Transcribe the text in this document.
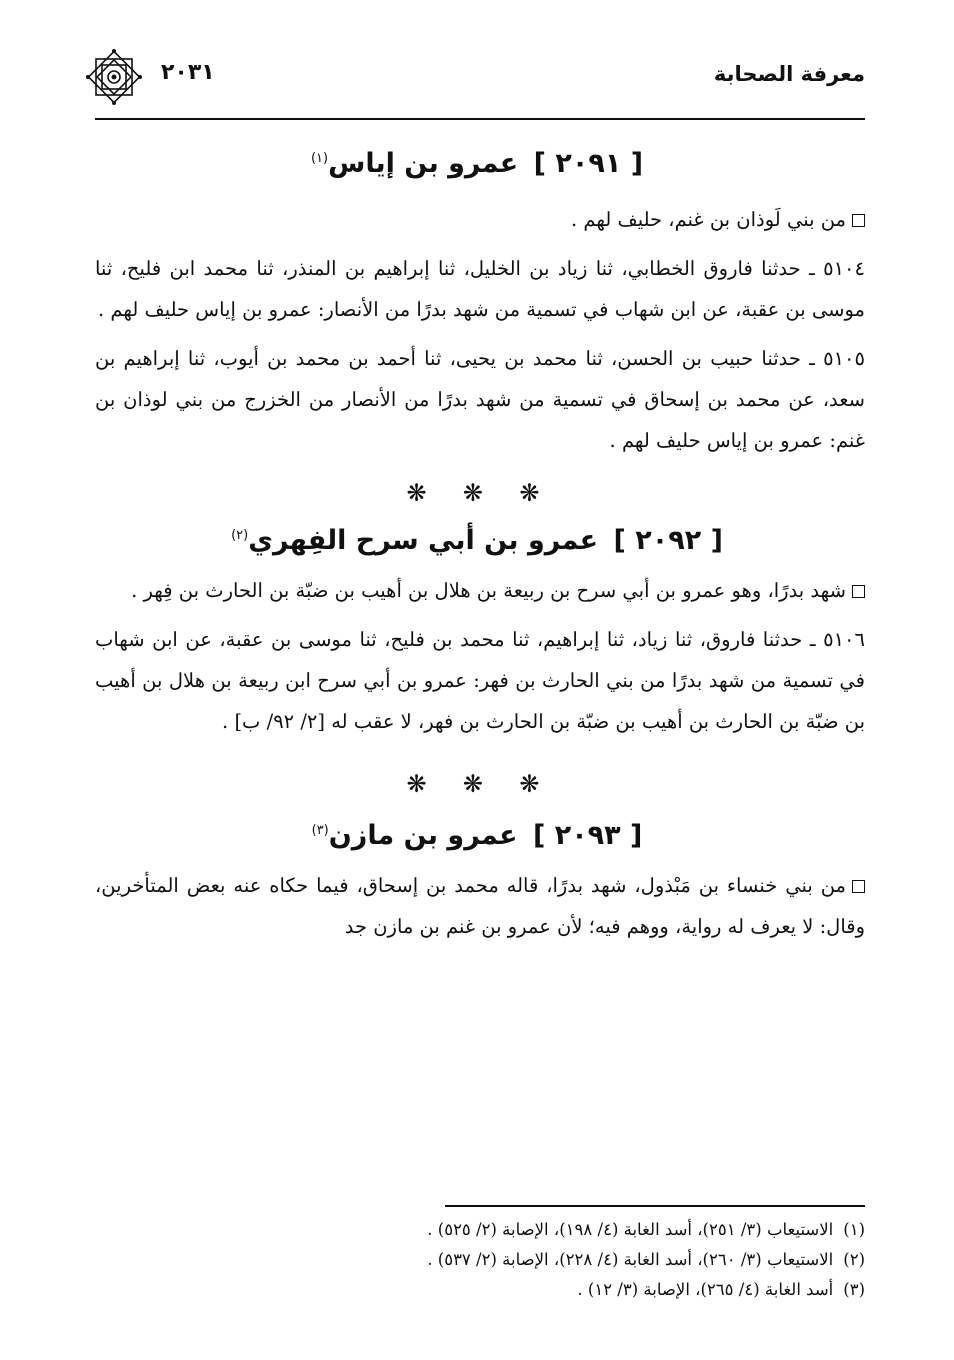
معرفة الصحابة
٢٠٣١
[ ٢٠٩١ ] عمرو بن إياس$^{(١)}$

من بني لَوذان بن غنم، حليف لهم .

٥١٠٤ ـ حدثنا فاروق الخطابي، ثنا زياد بن الخليل، ثنا إبراهيم بن المنذر، ثنا محمد ابن فليح، ثنا موسى بن عقبة، عن ابن شهاب في تسمية من شهد بدرًا من الأنصار: عمرو بن إياس حليف لهم .

٥١٠٥ ـ حدثنا حبيب بن الحسن، ثنا محمد بن يحيى، ثنا أحمد بن محمد بن أيوب، ثنا إبراهيم بن سعد، عن محمد بن إسحاق في تسمية من شهد بدرًا من الأنصار من الخزرج من بني لوذان بن غنم: عمرو بن إياس حليف لهم .

❋ ❋ ❋

[ ٢٠٩٢ ] عمرو بن أبي سرح الفِهري$^{(٢)}$

شهد بدرًا، وهو عمرو بن أبي سرح بن ربيعة بن هلال بن أهيب بن ضبّة بن الحارث بن فِهر .

٥١٠٦ ـ حدثنا فاروق، ثنا زياد، ثنا إبراهيم، ثنا محمد بن فليح، ثنا موسى بن عقبة، عن ابن شهاب في تسمية من شهد بدرًا من بني الحارث بن فهر: عمرو بن أبي سرح ابن ربيعة بن هلال بن أهيب بن ضبّة بن الحارث بن أهيب بن ضبّة بن الحارث بن فهر، لا عقب له [٢/ ٩٢/ ب] .

❋ ❋ ❋

[ ٢٠٩٣ ] عمرو بن مازن$^{(٣)}$

من بني خنساء بن مَبْذول، شهد بدرًا، قاله محمد بن إسحاق، فيما حكاه عنه بعض المتأخرين، وقال: لا يعرف له رواية، ووهم فيه؛ لأن عمرو بن غنم بن مازن جد

(١)الاستيعاب (٣/ ٢٥١)، أسد الغابة (٤/ ١٩٨)، الإصابة (٢/ ٥٢٥) .
(٢)الاستيعاب (٣/ ٢٦٠)، أسد الغابة (٤/ ٢٢٨)، الإصابة (٢/ ٥٣٧) .
(٣)أسد الغابة (٤/ ٢٦٥)، الإصابة (٣/ ١٢) .
